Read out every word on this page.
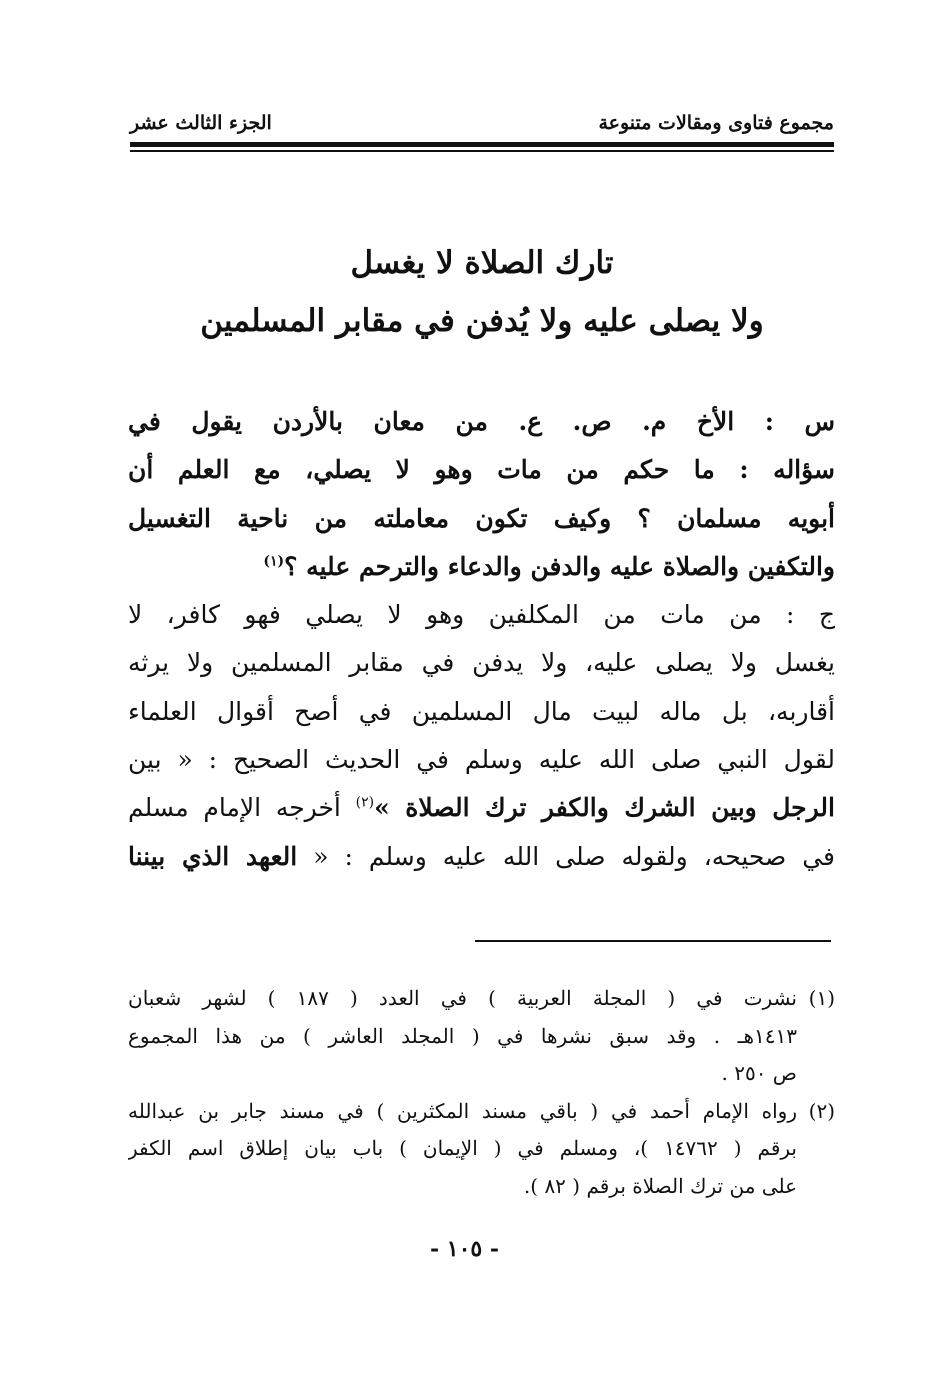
مجموع فتاوى ومقالات متنوعة
الجزء الثالث عشر
تارك الصلاة لا يغسل
ولا يصلى عليه ولا يُدفن في مقابر المسلمين
س : الأخ م. ص. ع. من معان بالأردن يقول في
سؤاله : ما حكم من مات وهو لا يصلي، مع العلم أن
أبويه مسلمان ؟ وكيف تكون معاملته من ناحية التغسيل
والتكفين والصلاة عليه والدفن والدعاء والترحم عليه ؟$^{(١)}$
ج : من مات من المكلفين وهو لا يصلي فهو كافر، لا
يغسل ولا يصلى عليه، ولا يدفن في مقابر المسلمين ولا يرثه
أقاربه، بل ماله لبيت مال المسلمين في أصح أقوال العلماء
لقول النبي صلى الله عليه وسلم في الحديث الصحيح : « بين
الرجل وبين الشرك والكفر ترك الصلاة »$^{(٢)}$ أخرجه الإمام مسلم
في صحيحه، ولقوله صلى الله عليه وسلم : « العهد الذي بيننا
(١)
نشرت في ( المجلة العربية ) في العدد ( ١٨٧ ) لشهر شعبان
١٤١٣هـ . وقد سبق نشرها في ( المجلد العاشر ) من هذا المجموع
ص ٢٥٠ .
(٢)
رواه الإمام أحمد في ( باقي مسند المكثرين ) في مسند جابر بن عبدالله
برقم ( ١٤٧٦٢ )، ومسلم في ( الإيمان ) باب بيان إطلاق اسم الكفر
على من ترك الصلاة برقم ( ٨٢ ).
- ١٠٥ -
